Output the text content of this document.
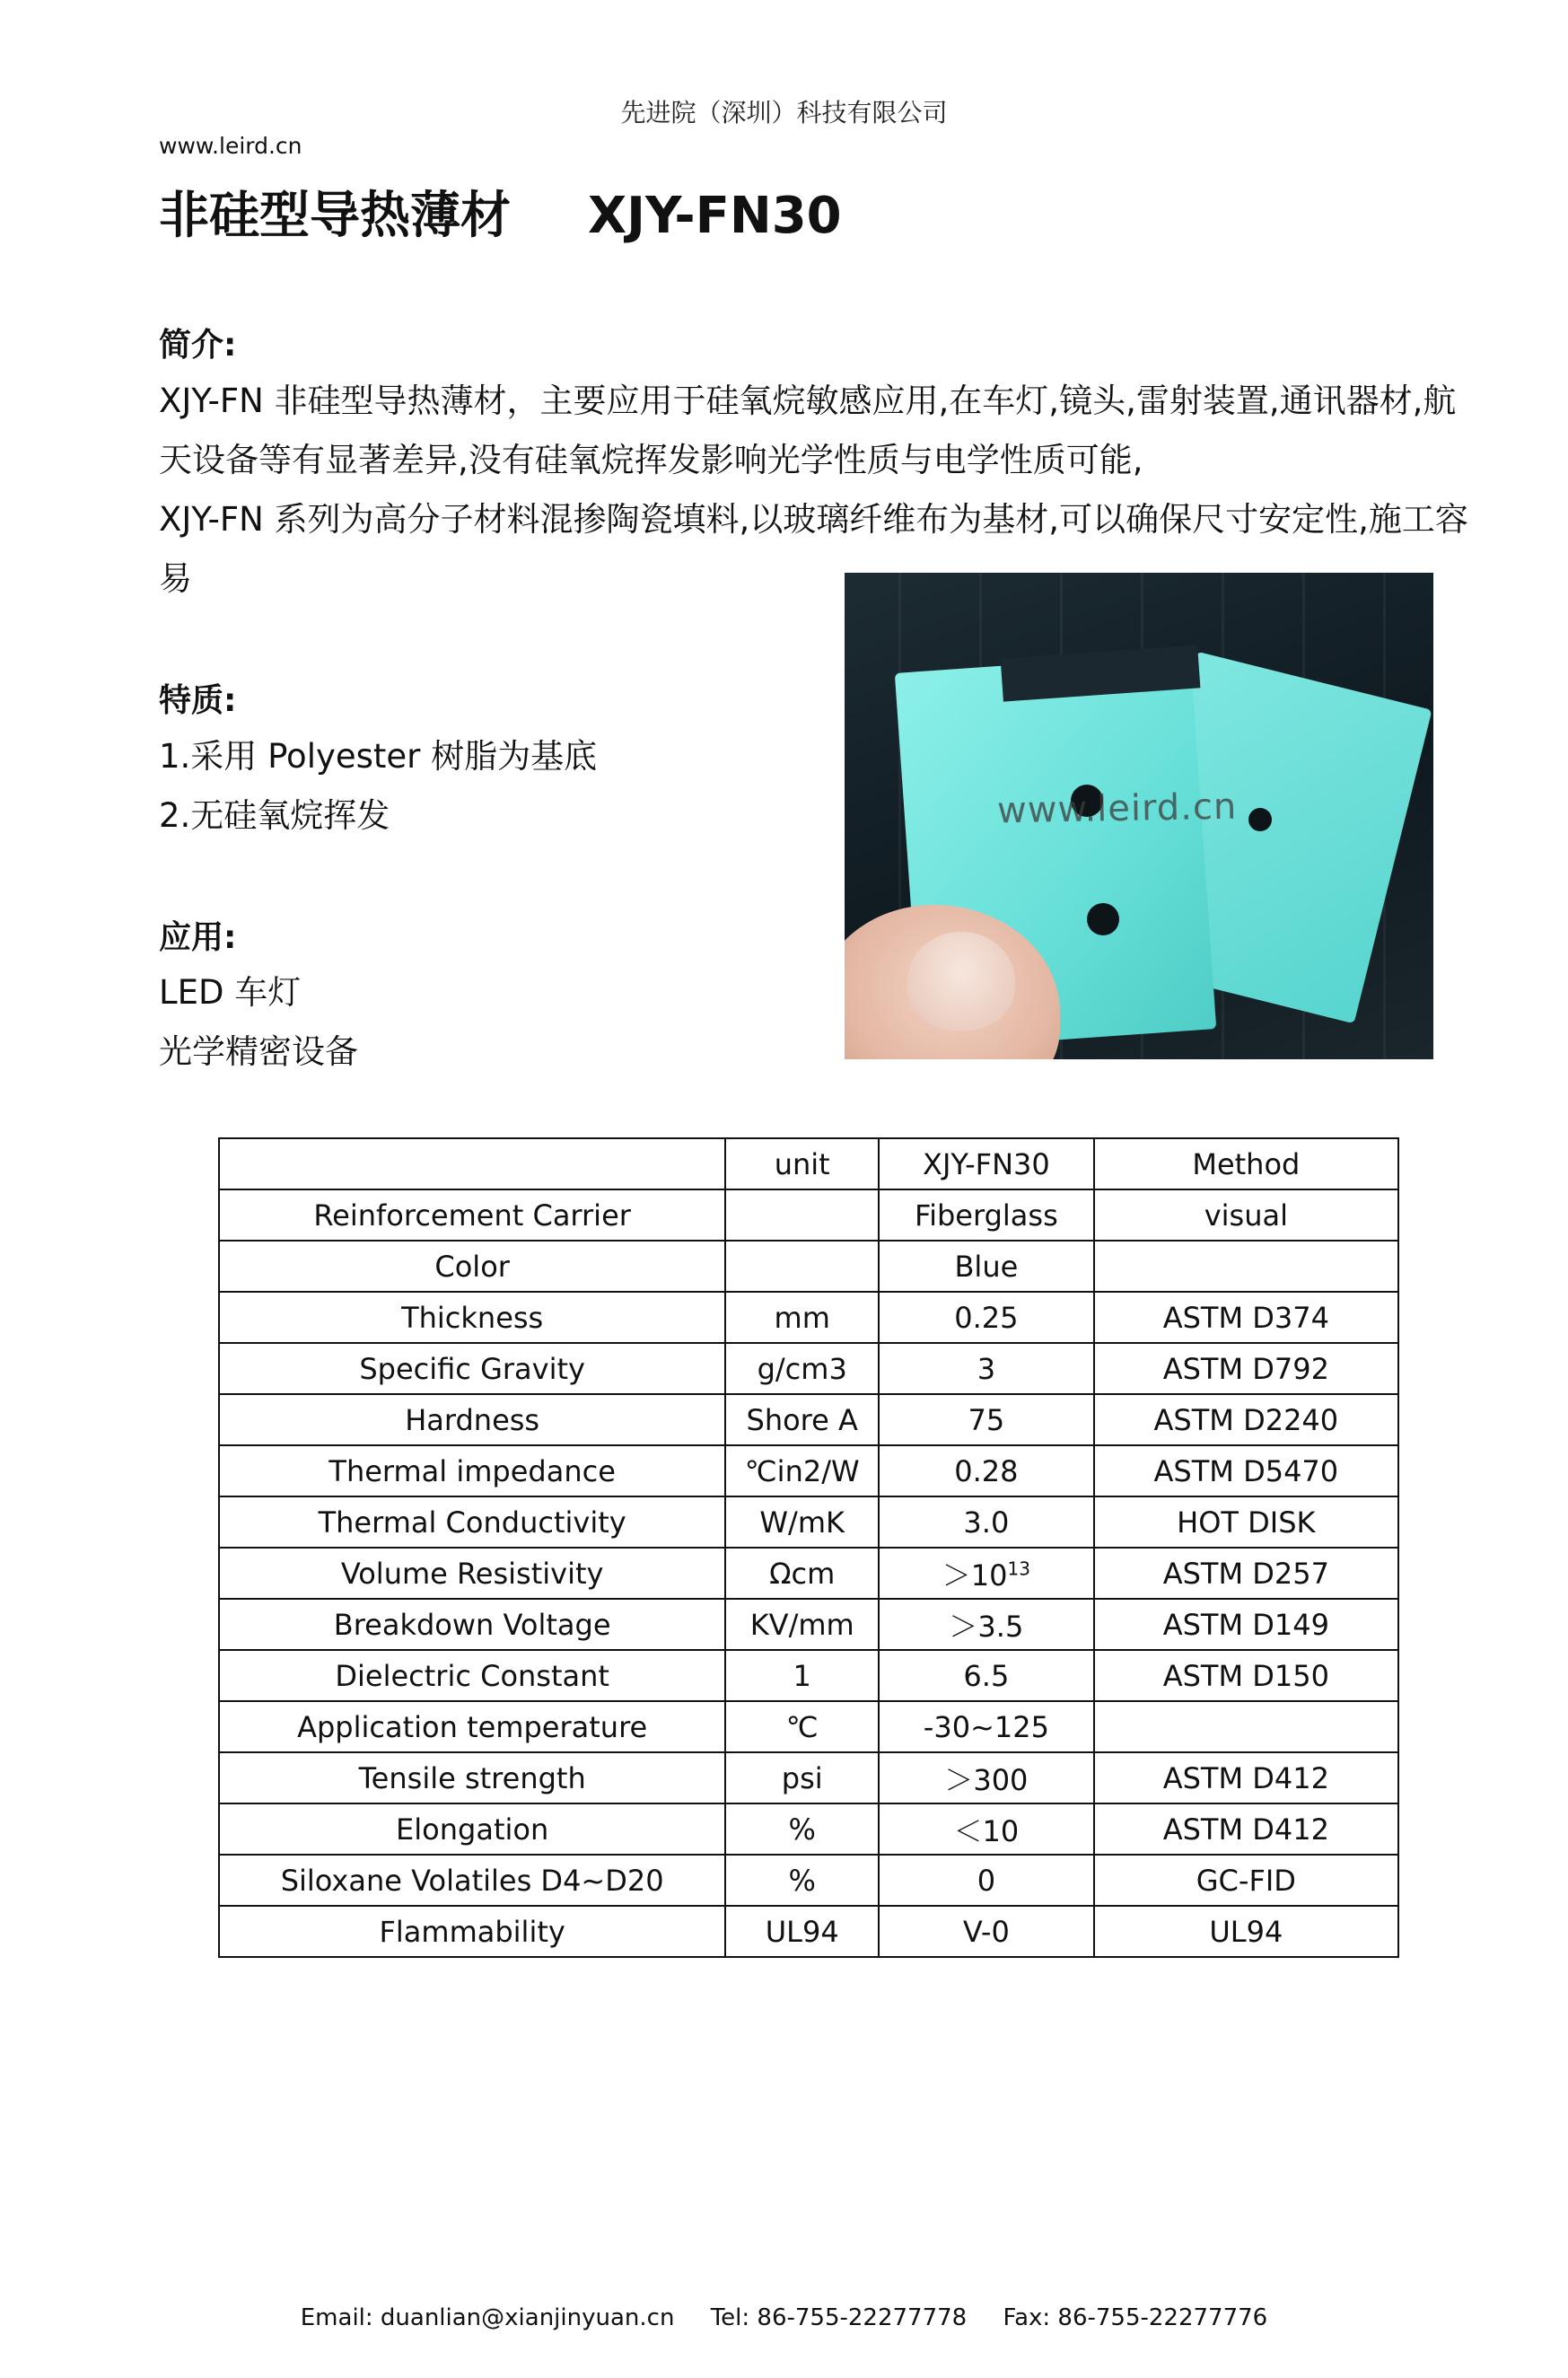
先进院（深圳）科技有限公司
www.leird.cn
非硅型导热薄材 XJY-FN30
简介:
XJY-FN 非硅型导热薄材，主要应用于硅氧烷敏感应用,在车灯,镜头,雷射装置,通讯器材,航天设备等有显著差异,没有硅氧烷挥发影响光学性质与电学性质可能,
XJY-FN 系列为高分子材料混掺陶瓷填料,以玻璃纤维布为基材,可以确保尺寸安定性,施工容易
www.leird.cn
特质:
1.采用 Polyester 树脂为基底
2.无硅氧烷挥发
应用:
LED 车灯
光学精密设备
	unit	XJY-FN30	Method
Reinforcement Carrier		Fiberglass	visual
Color		Blue	
Thickness	mm	0.25	ASTM D374
Specific Gravity	g/cm3	3	ASTM D792
Hardness	Shore A	75	ASTM D2240
Thermal impedance	℃in2/W	0.28	ASTM D5470
Thermal Conductivity	W/mK	3.0	HOT DISK
Volume Resistivity	Ωcm	$>10^{13}$	ASTM D257
Breakdown Voltage	KV/mm	＞3.5	ASTM D149
Dielectric Constant	1	6.5	ASTM D150
Application temperature	℃	-30~125	
Tensile strength	psi	＞300	ASTM D412
Elongation	%	＜10	ASTM D412
Siloxane Volatiles D4~D20	%	0	GC-FID
Flammability	UL94	V-0	UL94
Email: duanlian@xianjinyuan.cn Tel: 86-755-22277778 Fax: 86-755-22277776
